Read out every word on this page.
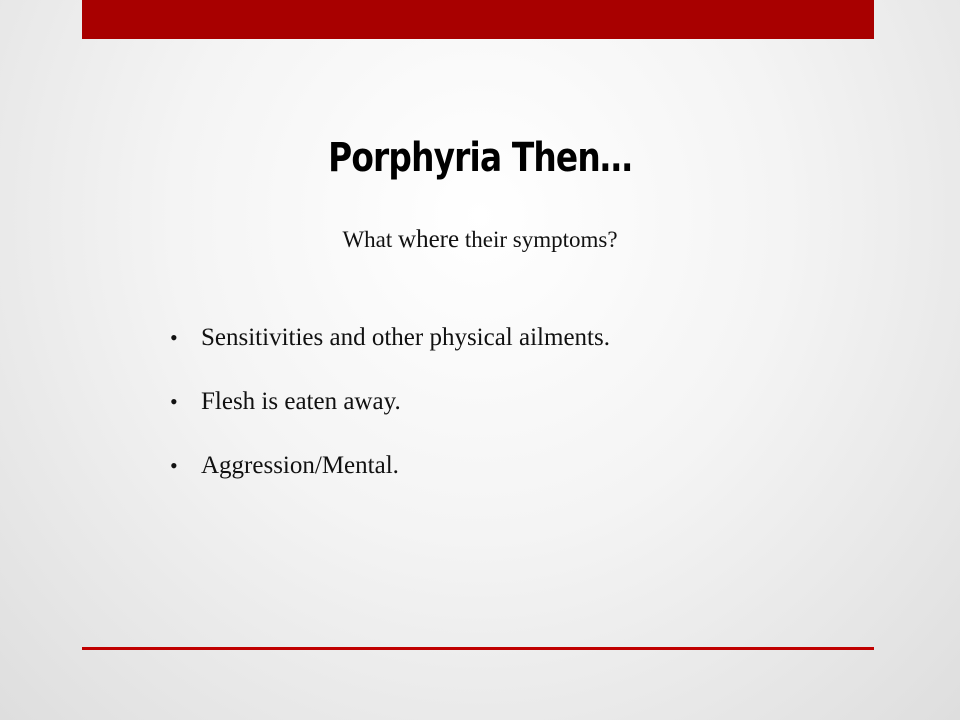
Porphyria Then…
What where their symptoms?
• Sensitivities and other physical ailments.
• Flesh is eaten away.
• Aggression/Mental.
